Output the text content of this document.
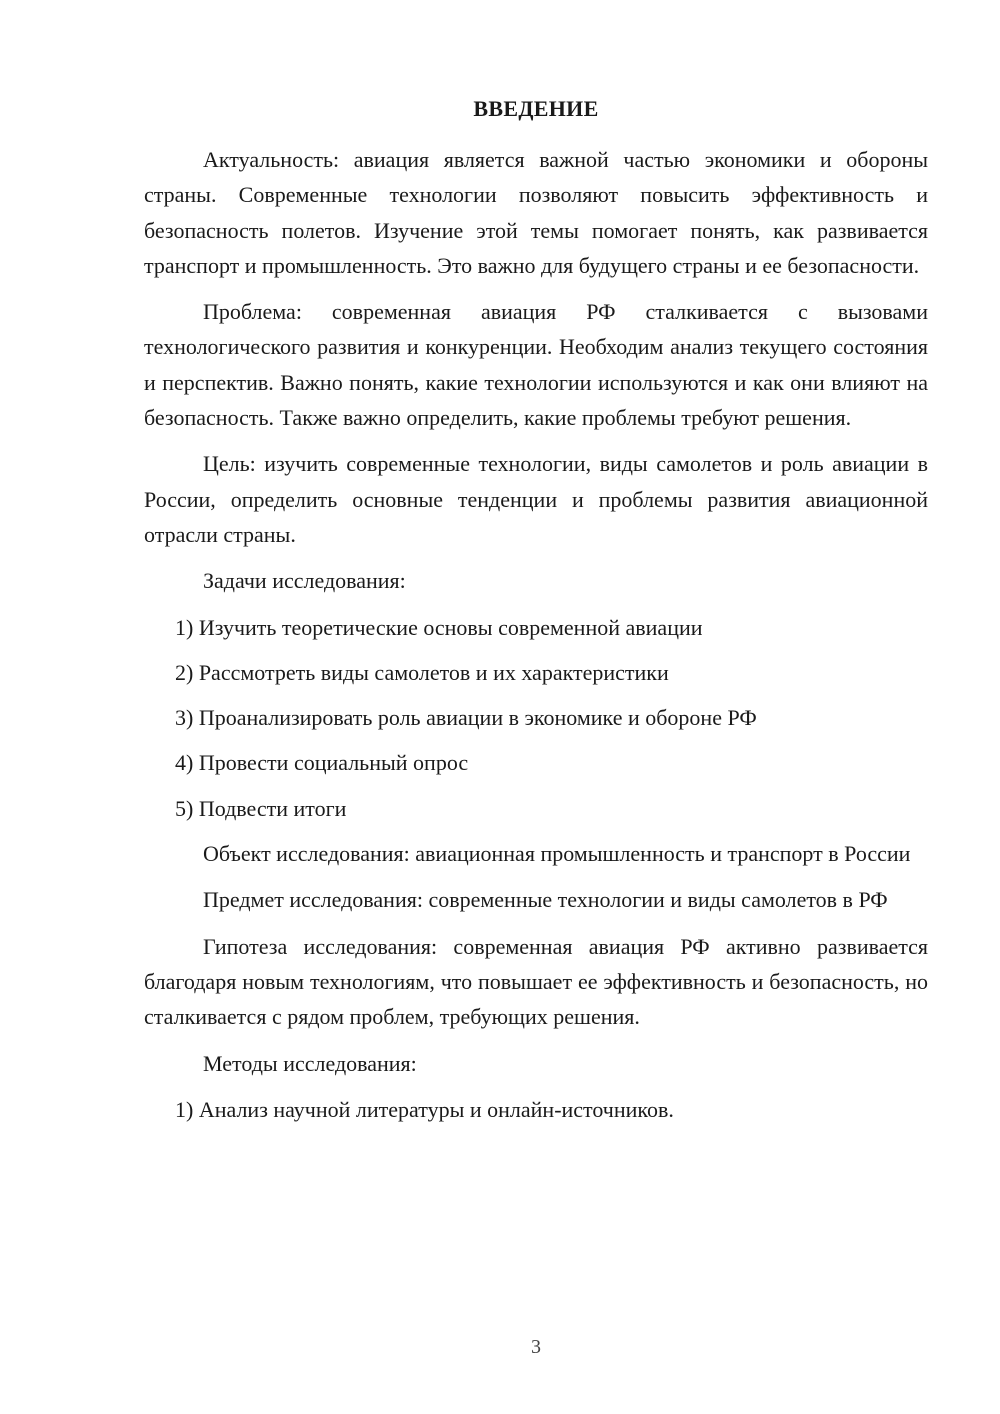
ВВЕДЕНИЕ

Актуальность: авиация является важной частью экономики и обороны страны. Современные технологии позволяют повысить эффективность и безопасность полетов. Изучение этой темы помогает понять, как развивается транспорт и промышленность. Это важно для будущего страны и ее безопасности.

Проблема: современная авиация РФ сталкивается с вызовами технологического развития и конкуренции. Необходим анализ текущего состояния и перспектив. Важно понять, какие технологии используются и как они влияют на безопасность. Также важно определить, какие проблемы требуют решения.

Цель: изучить современные технологии, виды самолетов и роль авиации в России, определить основные тенденции и проблемы развития авиационной отрасли страны.

Задачи исследования:

1) Изучить теоретические основы современной авиации
2) Рассмотреть виды самолетов и их характеристики
3) Проанализировать роль авиации в экономике и обороне РФ
4) Провести социальный опрос
5) Подвести итоги

Объект исследования: авиационная промышленность и транспорт в России

Предмет исследования: современные технологии и виды самолетов в РФ

Гипотеза исследования: современная авиация РФ активно развивается благодаря новым технологиям, что повышает ее эффективность и безопасность, но сталкивается с рядом проблем, требующих решения.

Методы исследования:

1) Анализ научной литературы и онлайн-источников.
3
